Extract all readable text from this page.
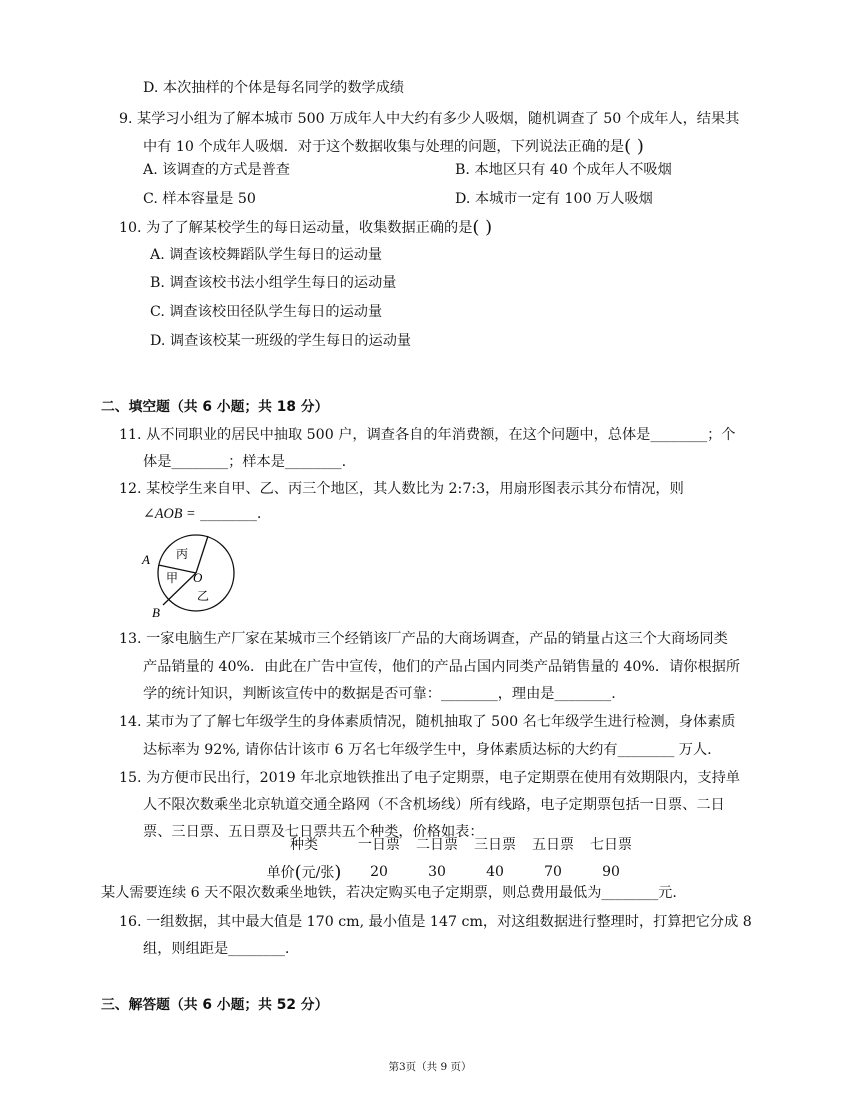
D. 本次抽样的个体是每名同学的数学成绩
9. 某学习小组为了解本城市 500 万成年人中大约有多少人吸烟，随机调查了 50 个成年人，结果其
中有 10 个成年人吸烟．对于这个数据收集与处理的问题，下列说法正确的是( )
A. 该调查的方式是普查	B. 本地区只有 40 个成年人不吸烟
C. 样本容量是 50	D. 本城市一定有 100 万人吸烟
10. 为了了解某校学生的每日运动量，收集数据正确的是( )
A. 调查该校舞蹈队学生每日的运动量
B. 调查该校书法小组学生每日的运动量
C. 调查该校田径队学生每日的运动量
D. 调查该校某一班级的学生每日的运动量
二、填空题（共 6 小题；共 18 分）
11. 从不同职业的居民中抽取 500 户，调查各自的年消费额，在这个问题中，总体是________；个
体是________；样本是________.
12. 某校学生来自甲、乙、丙三个地区，其人数比为 2:7:3，用扇形图表示其分布情况，则
∠AOB = ________.
A
B
O
甲
丙
乙
13. 一家电脑生产厂家在某城市三个经销该厂产品的大商场调查，产品的销量占这三个大商场同类
产品销量的 40%．由此在广告中宣传，他们的产品占国内同类产品销售量的 40%．请你根据所
学的统计知识，判断该宣传中的数据是否可靠：________，理由是________.
14. 某市为了了解七年级学生的身体素质情况，随机抽取了 500 名七年级学生进行检测，身体素质
达标率为 92%, 请你估计该市 6 万名七年级学生中，身体素质达标的大约有________ 万人.
15. 为方便市民出行，2019 年北京地铁推出了电子定期票，电子定期票在使用有效期限内，支持单
人不限次数乘坐北京轨道交通全路网（不含机场线）所有线路，电子定期票包括一日票、二日
票、三日票、五日票及七日票共五个种类，价格如表：
种类	一日票	二日票	三日票	五日票	七日票
单价(元/张)	20	30	40	70	90
某人需要连续 6 天不限次数乘坐地铁，若决定购买电子定期票，则总费用最低为________元.
16. 一组数据，其中最大值是 170 cm, 最小值是 147 cm，对这组数据进行整理时，打算把它分成 8
组，则组距是________.
三、解答题（共 6 小题；共 52 分）
第3页（共 9 页）
